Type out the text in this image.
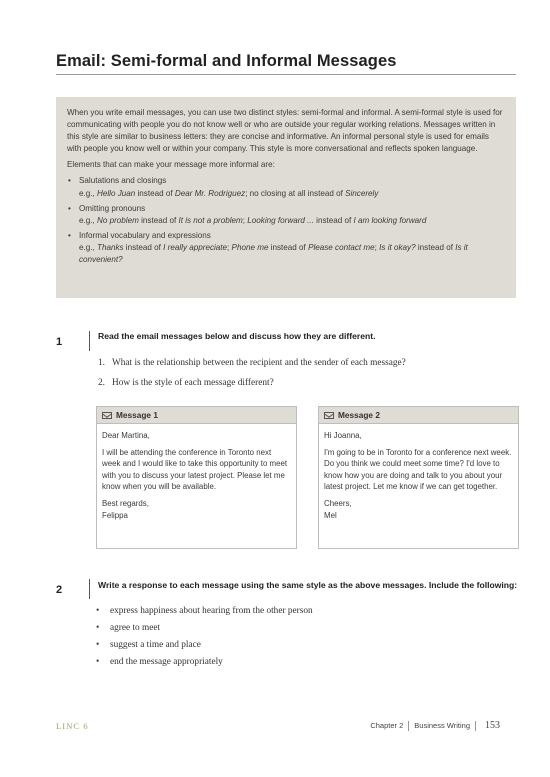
Email: Semi-formal and Informal Messages

When you write email messages, you can use two distinct styles: semi-formal and informal. A semi-formal style is used for communicating with people you do not know well or who are outside your regular working relations. Messages written in this style are similar to business letters: they are concise and informative. An informal personal style is used for emails with people you know well or within your company. This style is more conversational and reflects spoken language.

Elements that can make your message more informal are:

• Salutations and closings
e.g., Hello Juan instead of Dear Mr. Rodriguez; no closing at all instead of Sincerely
• Omitting pronouns
e.g., No problem instead of It is not a problem; Looking forward ... instead of I am looking forward
• Informal vocabulary and expressions
e.g., Thanks instead of I really appreciate; Phone me instead of Please contact me; Is it okay? instead of Is it convenient?
1	Read the email messages below and discuss how they are different.
1. What is the relationship between the recipient and the sender of each message?
2. How is the style of each message different?
Message 1

Dear Martina,

I will be attending the conference in Toronto next week and I would like to take this opportunity to meet with you to discuss your latest project. Please let me know when you will be available.

Best regards,

Felippa

Message 2

Hi Joanna,

I'm going to be in Toronto for a conference next week. Do you think we could meet some time? I'd love to know how you are doing and talk to you about your latest project. Let me know if we can get together.

Cheers,

Mel

2	Write a response to each message using the same style as the above messages. Include the following:
• express happiness about hearing from the other person
• agree to meet
• suggest a time and place
• end the message appropriately
LINC 6	Chapter 2 Business Writing 153
